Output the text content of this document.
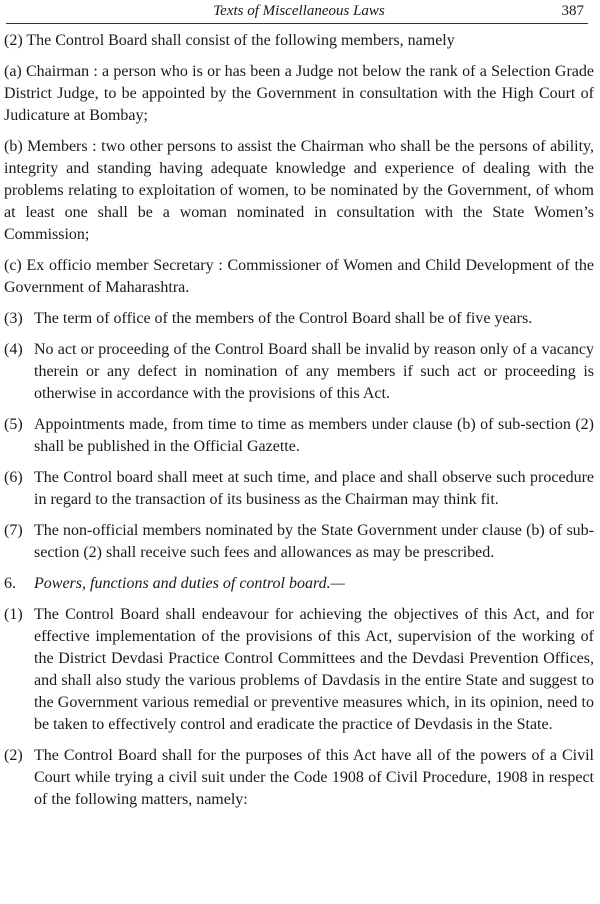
Texts of Miscellaneous Laws	387

(2) The Control Board shall consist of the following members, namely

(a) Chairman : a person who is or has been a Judge not below the rank of a Selection Grade District Judge, to be appointed by the Government in consultation with the High Court of Judicature at Bombay;

(b) Members : two other persons to assist the Chairman who shall be the persons of ability, integrity and standing having adequate knowledge and experience of dealing with the problems relating to exploitation of women, to be nominated by the Government, of whom at least one shall be a woman nominated in consultation with the State Women’s Commission;

(c) Ex officio member Secretary : Commissioner of Women and Child Development of the Government of Maharashtra.

(3) The term of office of the members of the Control Board shall be of five years.
(4) No act or proceeding of the Control Board shall be invalid by reason only of a vacancy therein or any defect in nomination of any members if such act or proceeding is otherwise in accordance with the provisions of this Act.
(5) Appointments made, from time to time as members under clause (b) of sub-section (2) shall be published in the Official Gazette.
(6) The Control board shall meet at such time, and place and shall observe such procedure in regard to the transaction of its business as the Chairman may think fit.
(7) The non-official members nominated by the State Government under clause (b) of sub-section (2) shall receive such fees and allowances as may be prescribed.
6.	Powers, functions and duties of control board.—
(1) The Control Board shall endeavour for achieving the objectives of this Act, and for effective implementation of the provisions of this Act, supervision of the working of the District Devdasi Practice Control Committees and the Devdasi Prevention Offices, and shall also study the various problems of Davdasis in the entire State and suggest to the Government various remedial or preventive measures which, in its opinion, need to be taken to effectively control and eradicate the practice of Devdasis in the State.
(2) The Control Board shall for the purposes of this Act have all of the powers of a Civil Court while trying a civil suit under the Code 1908 of Civil Procedure, 1908 in respect of the following matters, namely:
